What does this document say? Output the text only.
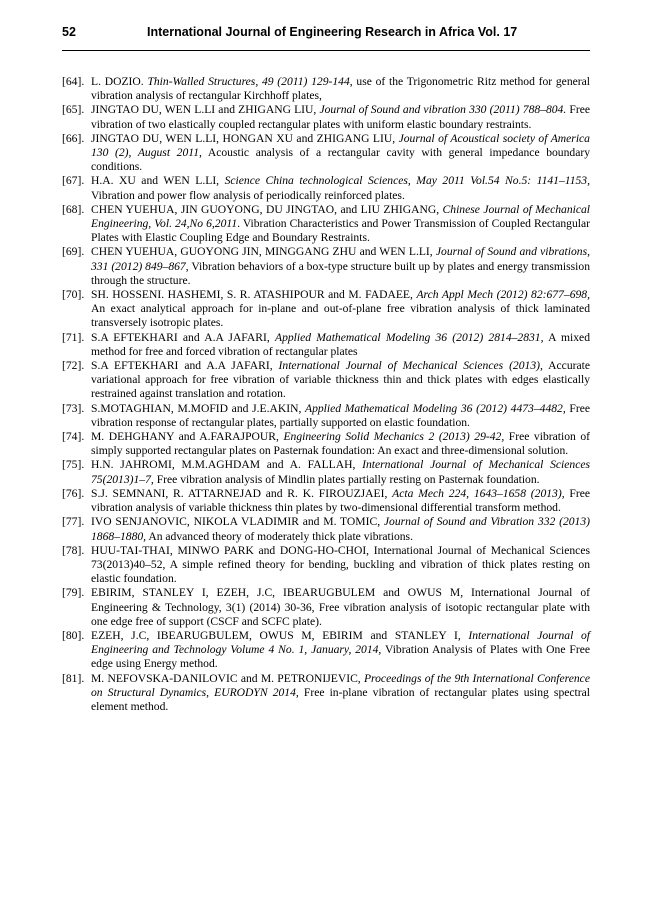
52	International Journal of Engineering Research in Africa Vol. 17
[64]. L. DOZIO. Thin-Walled Structures, 49 (2011) 129-144, use of the Trigonometric Ritz method for general vibration analysis of rectangular Kirchhoff plates,
[65]. JINGTAO DU, WEN L.LI and ZHIGANG LIU, Journal of Sound and vibration 330 (2011) 788–804. Free vibration of two elastically coupled rectangular plates with uniform elastic boundary restraints.
[66]. JINGTAO DU, WEN L.LI, HONGAN XU and ZHIGANG LIU, Journal of Acoustical society of America 130 (2), August 2011, Acoustic analysis of a rectangular cavity with general impedance boundary conditions.
[67]. H.A. XU and WEN L.LI, Science China technological Sciences, May 2011 Vol.54 No.5: 1141–1153, Vibration and power flow analysis of periodically reinforced plates.
[68]. CHEN YUEHUA, JIN GUOYONG, DU JINGTAO, and LIU ZHIGANG, Chinese Journal of Mechanical Engineering, Vol. 24,No 6,2011. Vibration Characteristics and Power Transmission of Coupled Rectangular Plates with Elastic Coupling Edge and Boundary Restraints.
[69]. CHEN YUEHUA, GUOYONG JIN, MINGGANG ZHU and WEN L.LI, Journal of Sound and vibrations, 331 (2012) 849–867, Vibration behaviors of a box-type structure built up by plates and energy transmission through the structure.
[70]. SH. HOSSENI. HASHEMI, S. R. ATASHIPOUR and M. FADAEE, Arch Appl Mech (2012) 82:677–698, An exact analytical approach for in-plane and out-of-plane free vibration analysis of thick laminated transversely isotropic plates.
[71]. S.A EFTEKHARI and A.A JAFARI, Applied Mathematical Modeling 36 (2012) 2814–2831, A mixed method for free and forced vibration of rectangular plates
[72]. S.A EFTEKHARI and A.A JAFARI, International Journal of Mechanical Sciences (2013), Accurate variational approach for free vibration of variable thickness thin and thick plates with edges elastically restrained against translation and rotation.
[73]. S.MOTAGHIAN, M.MOFID and J.E.AKIN, Applied Mathematical Modeling 36 (2012) 4473–4482, Free vibration response of rectangular plates, partially supported on elastic foundation.
[74]. M. DEHGHANY and A.FARAJPOUR, Engineering Solid Mechanics 2 (2013) 29-42, Free vibration of simply supported rectangular plates on Pasternak foundation: An exact and three-dimensional solution.
[75]. H.N. JAHROMI, M.M.AGHDAM and A. FALLAH, International Journal of Mechanical Sciences 75(2013)1–7, Free vibration analysis of Mindlin plates partially resting on Pasternak foundation.
[76]. S.J. SEMNANI, R. ATTARNEJAD and R. K. FIROUZJAEI, Acta Mech 224, 1643–1658 (2013), Free vibration analysis of variable thickness thin plates by two-dimensional differential transform method.
[77]. IVO SENJANOVIC, NIKOLA VLADIMIR and M. TOMIC, Journal of Sound and Vibration 332 (2013) 1868–1880, An advanced theory of moderately thick plate vibrations.
[78]. HUU-TAI-THAI, MINWO PARK and DONG-HO-CHOI, International Journal of Mechanical Sciences 73(2013)40–52, A simple refined theory for bending, buckling and vibration of thick plates resting on elastic foundation.
[79]. EBIRIM, STANLEY I, EZEH, J.C, IBEARUGBULEM and OWUS M, International Journal of Engineering & Technology, 3(1) (2014) 30-36, Free vibration analysis of isotopic rectangular plate with one edge free of support (CSCF and SCFC plate).
[80]. EZEH, J.C, IBEARUGBULEM, OWUS M, EBIRIM and STANLEY I, International Journal of Engineering and Technology Volume 4 No. 1, January, 2014, Vibration Analysis of Plates with One Free edge using Energy method.
[81]. M. NEFOVSKA-DANILOVIC and M. PETRONIJEVIC, Proceedings of the 9th International Conference on Structural Dynamics, EURODYN 2014, Free in-plane vibration of rectangular plates using spectral element method.
